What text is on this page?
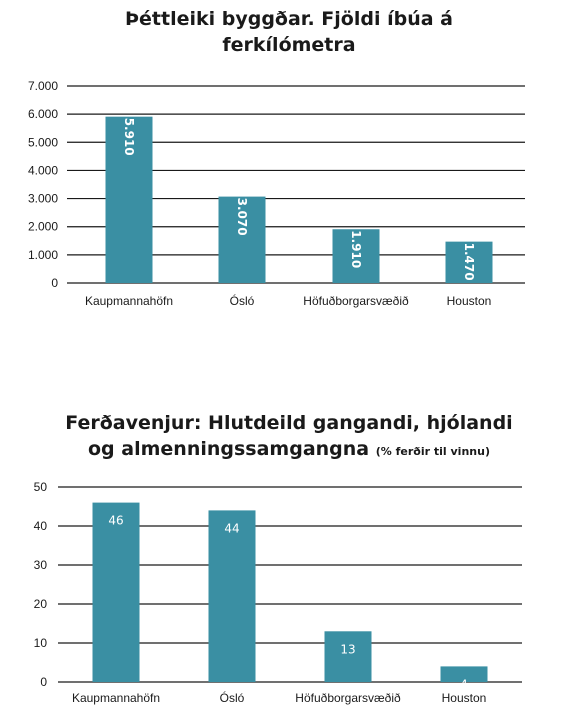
Þéttleiki byggðar. Fjöldi íbúa á
ferkílómetra
0
1.000
2.000
3.000
4.000
5.000
6.000
7.000
5.910
Kaupmannahöfn
3.070
Ósló
1.910
Höfuðborgarsvæðið
1.470
Houston
Ferðavenjur: Hlutdeild gangandi, hjólandi
og almenningssamgangna (% ferðir til vinnu)
0
10
20
30
40
50
46
Kaupmannahöfn
44
Ósló
13
Höfuðborgarsvæðið
4
Houston
